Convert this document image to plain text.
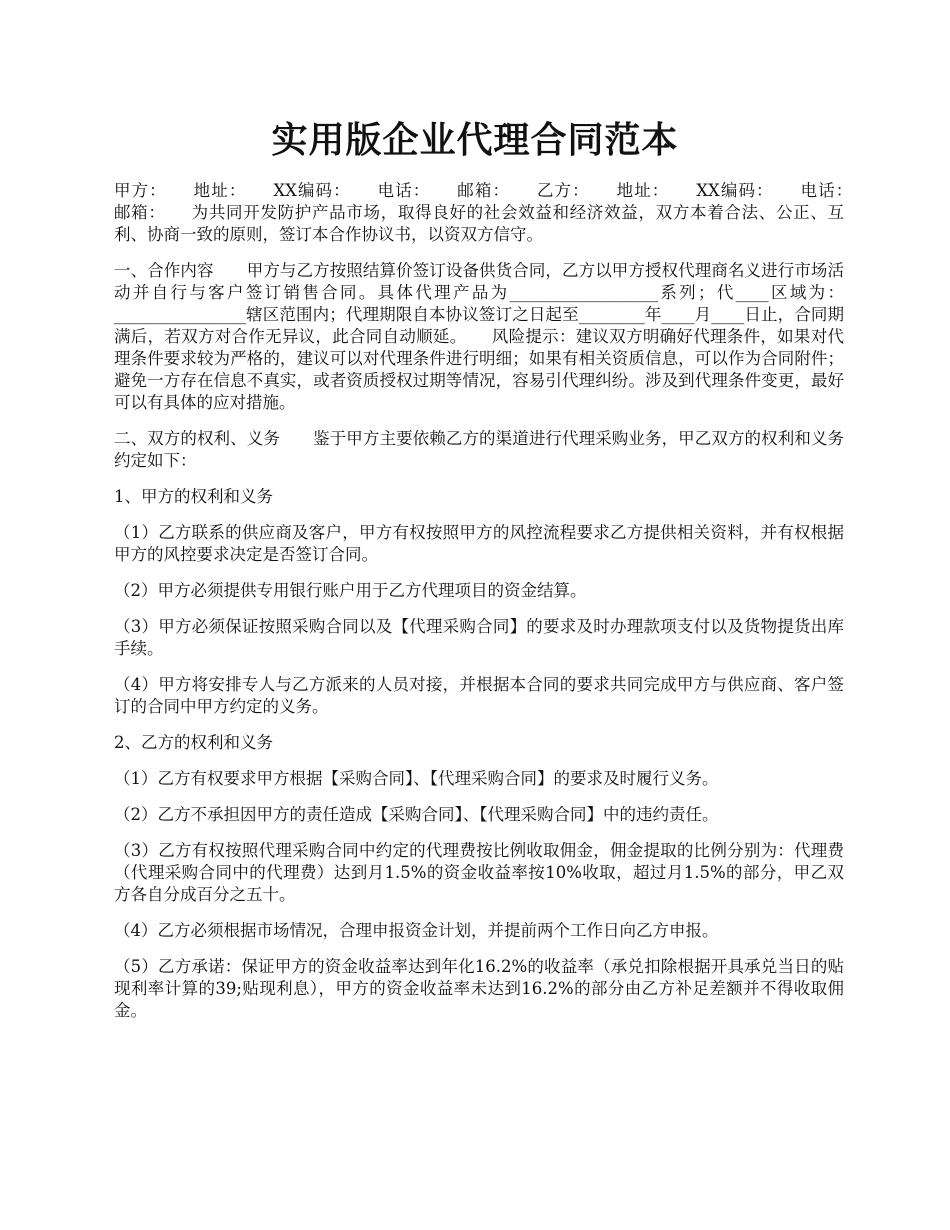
实用版企业代理合同范本

甲方：　　地址：　　XX编码：　　电话：　　邮箱：　　乙方：　　地址：　　XX编码：　　电话：　　邮箱：　　为共同开发防护产品市场，取得良好的社会效益和经济效益，双方本着合法、公正、互利、协商一致的原则，签订本合作协议书，以资双方信守。

一、合作内容　　甲方与乙方按照结算价签订设备供货合同，乙方以甲方授权代理商名义进行市场活动并自行与客户签订销售合同。具体代理产品为__________________系列；代____区域为：________________辖区范围内；代理期限自本协议签订之日起至________年____月____日止，合同期满后，若双方对合作无异议，此合同自动顺延。　　风险提示：建议双方明确好代理条件，如果对代理条件要求较为严格的，建议可以对代理条件进行明细；如果有相关资质信息，可以作为合同附件；避免一方存在信息不真实，或者资质授权过期等情况，容易引代理纠纷。涉及到代理条件变更，最好可以有具体的应对措施。

二、双方的权利、义务　　鉴于甲方主要依赖乙方的渠道进行代理采购业务，甲乙双方的权利和义务约定如下：

1、甲方的权利和义务

（1）乙方联系的供应商及客户，甲方有权按照甲方的风控流程要求乙方提供相关资料，并有权根据甲方的风控要求决定是否签订合同。

（2）甲方必须提供专用银行账户用于乙方代理项目的资金结算。

（3）甲方必须保证按照采购合同以及【代理采购合同】的要求及时办理款项支付以及货物提货出库手续。

（4）甲方将安排专人与乙方派来的人员对接，并根据本合同的要求共同完成甲方与供应商、客户签订的合同中甲方约定的义务。

2、乙方的权利和义务

（1）乙方有权要求甲方根据【采购合同】、【代理采购合同】的要求及时履行义务。

（2）乙方不承担因甲方的责任造成【采购合同】、【代理采购合同】中的违约责任。

（3）乙方有权按照代理采购合同中约定的代理费按比例收取佣金，佣金提取的比例分别为：代理费（代理采购合同中的代理费）达到月1.5%的资金收益率按10%收取，超过月1.5%的部分，甲乙双方各自分成百分之五十。

（4）乙方必须根据市场情况，合理申报资金计划，并提前两个工作日向乙方申报。

（5）乙方承诺：保证甲方的资金收益率达到年化16.2%的收益率（承兑扣除根据开具承兑当日的贴现利率计算的39;贴现利息），甲方的资金收益率未达到16.2%的部分由乙方补足差额并不得收取佣金。
